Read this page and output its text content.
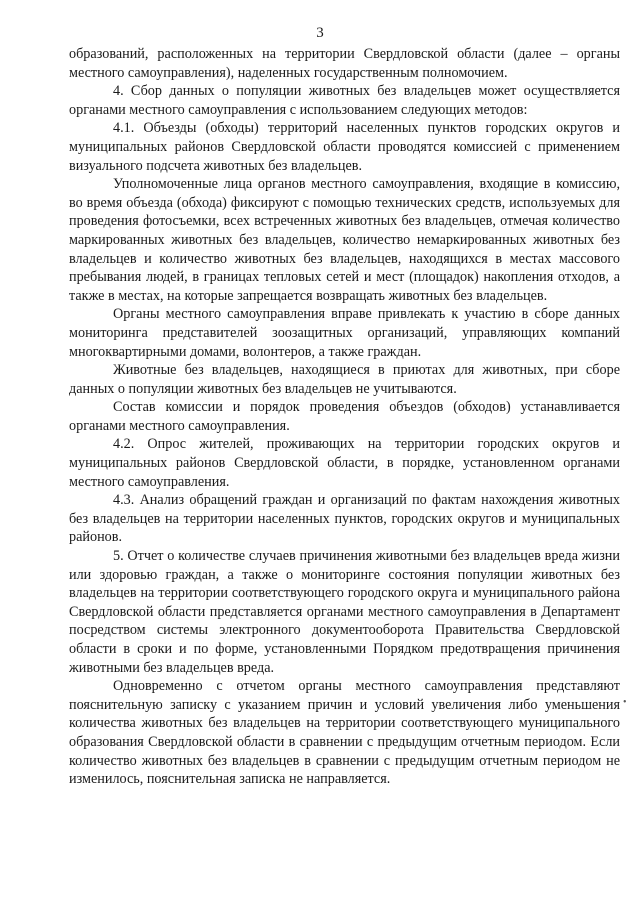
3

образований, расположенных на территории Свердловской области (далее – органы местного самоуправления), наделенных государственным полномочием.

4. Сбор данных о популяции животных без владельцев может осуществляется органами местного самоуправления с использованием следующих методов:

4.1. Объезды (обходы) территорий населенных пунктов городских округов и муниципальных районов Свердловской области проводятся комиссией с применением визуального подсчета животных без владельцев.

Уполномоченные лица органов местного самоуправления, входящие в комиссию, во время объезда (обхода) фиксируют с помощью технических средств, используемых для проведения фотосъемки, всех встреченных животных без владельцев, отмечая количество маркированных животных без владельцев, количество немаркированных животных без владельцев и количество животных без владельцев, находящихся в местах массового пребывания людей, в границах тепловых сетей и мест (площадок) накопления отходов, а также в местах, на которые запрещается возвращать животных без владельцев.

Органы местного самоуправления вправе привлекать к участию в сборе данных мониторинга представителей зоозащитных организаций, управляющих компаний многоквартирными домами, волонтеров, а также граждан.

Животные без владельцев, находящиеся в приютах для животных, при сборе данных о популяции животных без владельцев не учитываются.

Состав комиссии и порядок проведения объездов (обходов) устанавливается органами местного самоуправления.

4.2. Опрос жителей, проживающих на территории городских округов и муниципальных районов Свердловской области, в порядке, установленном органами местного самоуправления.

4.3. Анализ обращений граждан и организаций по фактам нахождения животных без владельцев на территории населенных пунктов, городских округов и муниципальных районов.

5. Отчет о количестве случаев причинения животными без владельцев вреда жизни или здоровью граждан, а также о мониторинге состояния популяции животных без владельцев на территории соответствующего городского округа и муниципального района Свердловской области представляется органами местного самоуправления в Департамент посредством системы электронного документооборота Правительства Свердловской области в сроки и по форме, установленными Порядком предотвращения причинения животными без владельцев вреда.

Одновременно с отчетом органы местного самоуправления представляют пояснительную записку с указанием причин и условий увеличения либо уменьшения количества животных без владельцев на территории соответствующего муниципального образования Свердловской области в сравнении с предыдущим отчетным периодом. Если количество животных без владельцев в сравнении с предыдущим отчетным периодом не изменилось, пояснительная записка не направляется.

•
